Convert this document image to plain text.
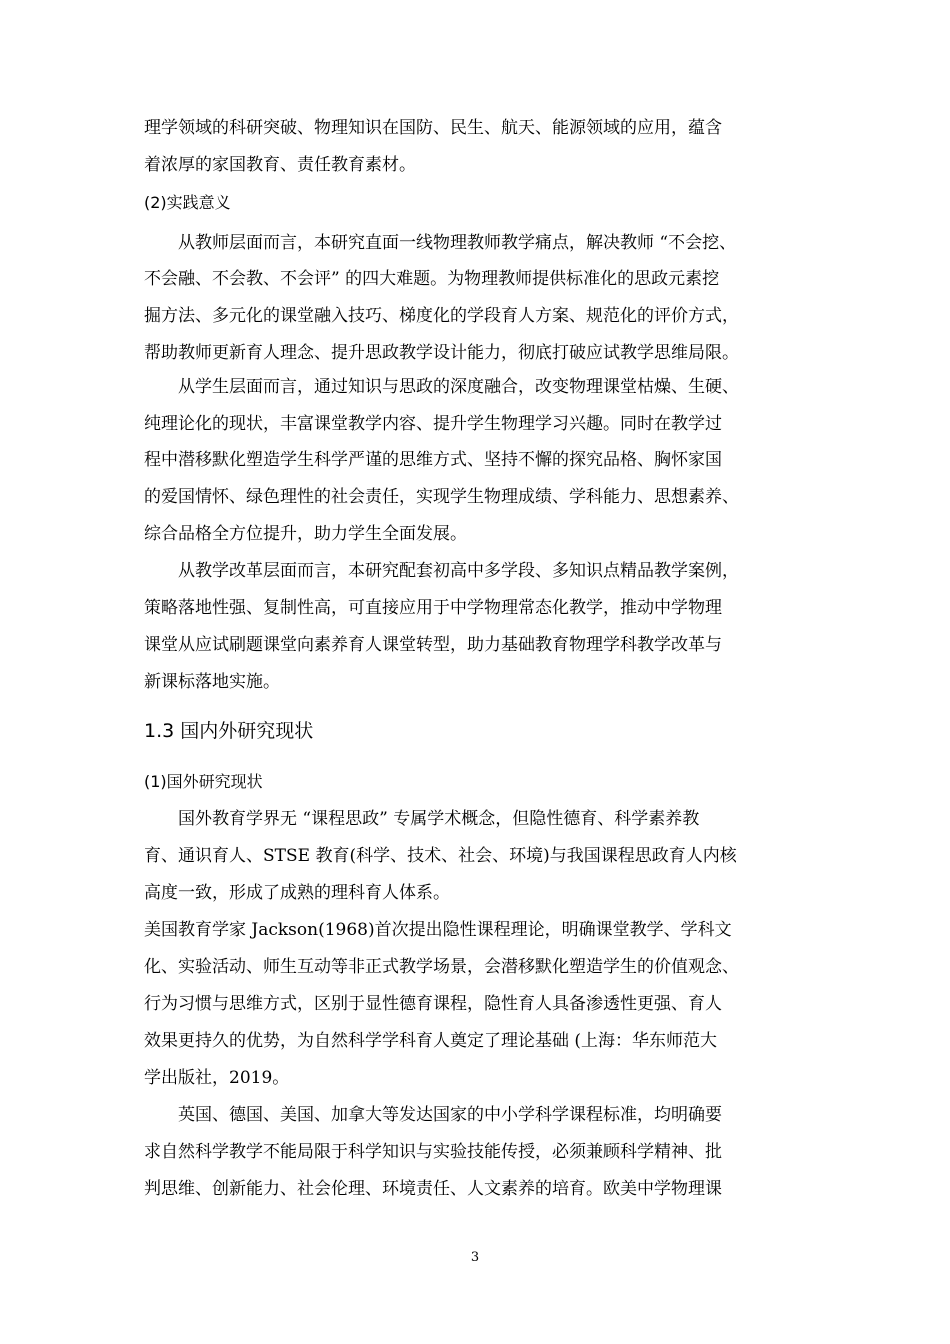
理学领域的科研突破、物理知识在国防、民生、航天、能源领域的应用，蕴含
着浓厚的家国教育、责任教育素材。
(2)实践意义
从教师层面而言，本研究直面一线物理教师教学痛点，解决教师 “不会挖、
不会融、不会教、不会评” 的四大难题。为物理教师提供标准化的思政元素挖
掘方法、多元化的课堂融入技巧、梯度化的学段育人方案、规范化的评价方式，
帮助教师更新育人理念、提升思政教学设计能力，彻底打破应试教学思维局限。
从学生层面而言，通过知识与思政的深度融合，改变物理课堂枯燥、生硬、
纯理论化的现状，丰富课堂教学内容、提升学生物理学习兴趣。同时在教学过
程中潜移默化塑造学生科学严谨的思维方式、坚持不懈的探究品格、胸怀家国
的爱国情怀、绿色理性的社会责任，实现学生物理成绩、学科能力、思想素养、
综合品格全方位提升，助力学生全面发展。
从教学改革层面而言，本研究配套初高中多学段、多知识点精品教学案例，
策略落地性强、复制性高，可直接应用于中学物理常态化教学，推动中学物理
课堂从应试刷题课堂向素养育人课堂转型，助力基础教育物理学科教学改革与
新课标落地实施。
1.3 国内外研究现状
(1)国外研究现状
国外教育学界无 “课程思政” 专属学术概念，但隐性德育、科学素养教
育、通识育人、STSE 教育(科学、技术、社会、环境)与我国课程思政育人内核
高度一致，形成了成熟的理科育人体系。
美国教育学家 Jackson(1968)首次提出隐性课程理论，明确课堂教学、学科文
化、实验活动、师生互动等非正式教学场景，会潜移默化塑造学生的价值观念、
行为习惯与思维方式，区别于显性德育课程，隐性育人具备渗透性更强、育人
效果更持久的优势，为自然科学学科育人奠定了理论基础 (上海：华东师范大
学出版社，2019。
英国、德国、美国、加拿大等发达国家的中小学科学课程标准，均明确要
求自然科学教学不能局限于科学知识与实验技能传授，必须兼顾科学精神、批
判思维、创新能力、社会伦理、环境责任、人文素养的培育。欧美中学物理课
3
